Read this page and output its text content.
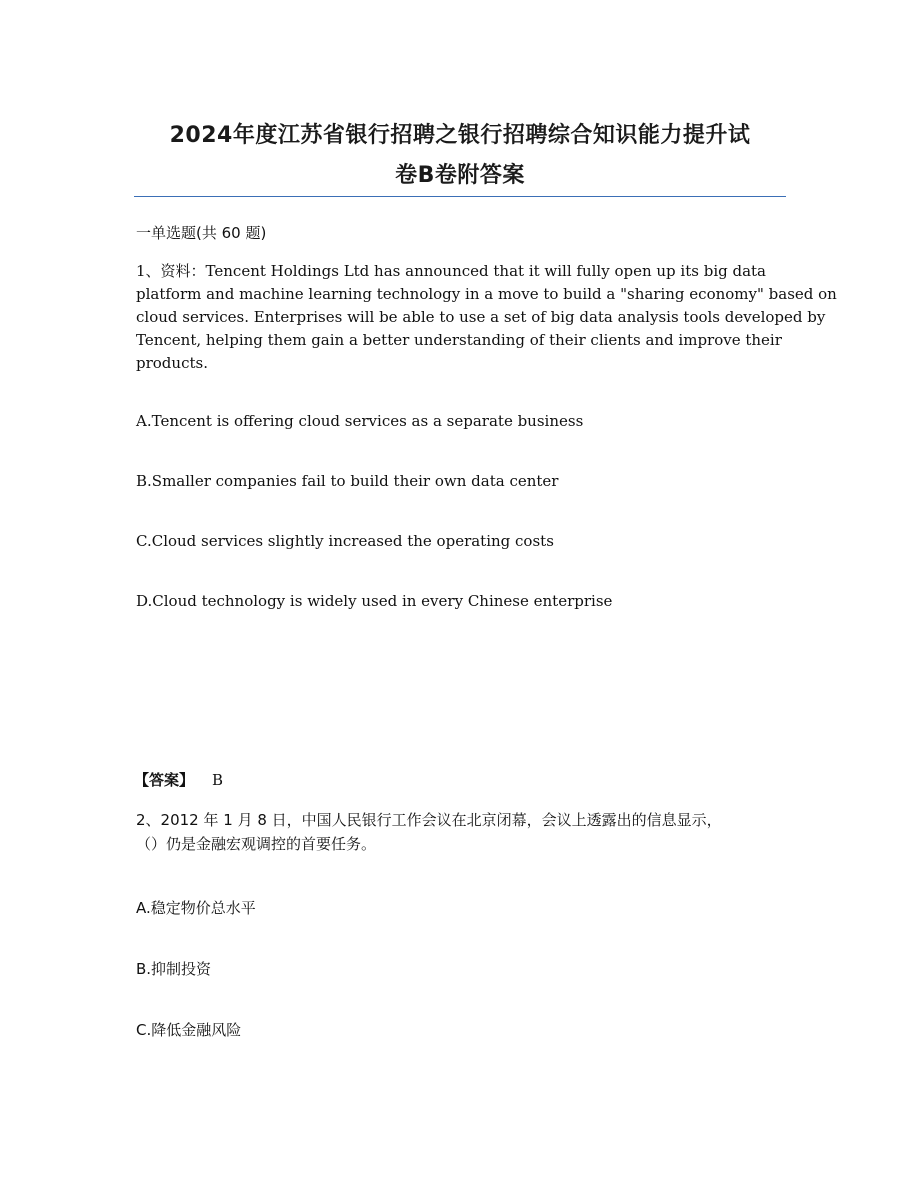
2024年度江苏省银行招聘之银行招聘综合知识能力提升试
卷B卷附答案
一单选题(共 60 题)
1、资料：Tencent Holdings Ltd has announced that it will fully open up its big data
platform and machine learning technology in a move to build a "sharing economy" based on
cloud services. Enterprises will be able to use a set of big data analysis tools developed by
Tencent, helping them gain a better understanding of their clients and improve their
products.
A.Tencent is offering cloud services as a separate business
B.Smaller companies fail to build their own data center
C.Cloud services slightly increased the operating costs
D.Cloud technology is widely used in every Chinese enterprise
【答案】 B
2、2012 年 1 月 8 日，中国人民银行工作会议在北京闭幕，会议上透露出的信息显示，
（）仍是金融宏观调控的首要任务。
A.稳定物价总水平
B.抑制投资
C.降低金融风险
